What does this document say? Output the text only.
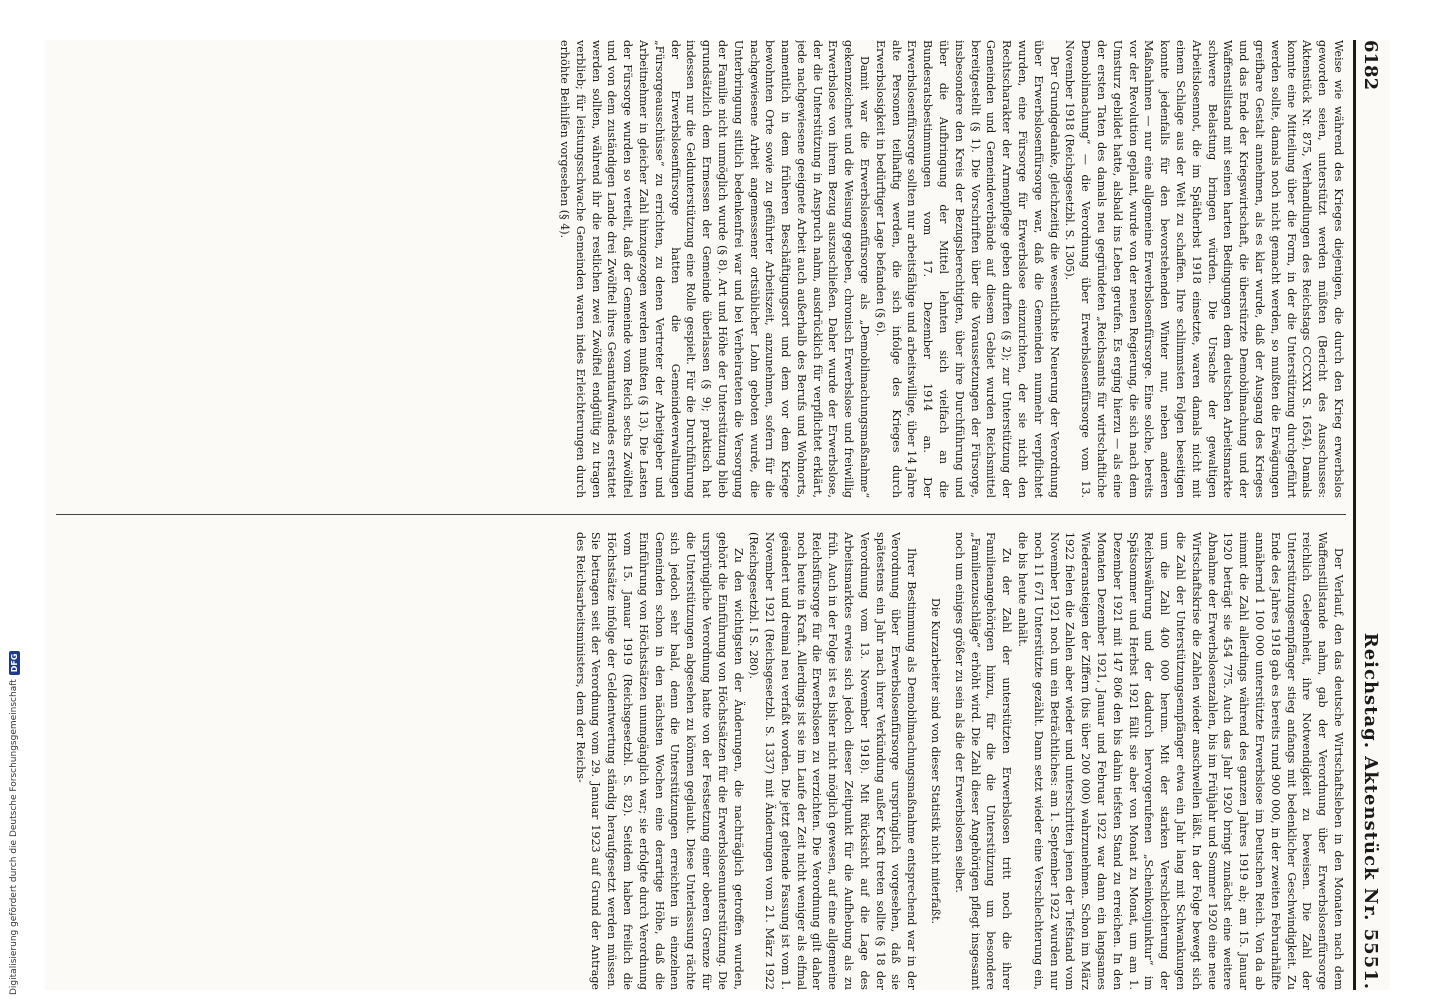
6182
Reichstag. Aktenstück Nr. 5551.

Weise wie während des Krieges diejenigen, die durch den Krieg erwerbslos geworden seien, unterstützt werden müßten (Bericht des Ausschusses: Aktenstück Nr. 875, Verhandlungen des Reichstags CCCXXI S. 1654). Damals konnte eine Mitteilung über die Form, in der die Unterstützung durchgeführt werden sollte, damals noch nicht gemacht werden, so mußten die Erwägungen greifbare Gestalt annehmen, als es klar wurde, daß der Ausgang des Krieges und das Ende der Kriegswirtschaft, die überstürzte Demobilmachung und der Waffenstillstand mit seinen harten Bedingungen dem deutschen Arbeitsmarkte schwere Belastung bringen würden. Die Ursache der gewaltigen Arbeitslosennot, die im Spätherbst 1918 einsetzte, waren damals nicht mit einem Schlage aus der Welt zu schaffen. Ihre schlimmsten Folgen beseitigen konnte jedenfalls für den bevorstehenden Winter nur, neben anderen Maßnahmen — nur eine allgemeine Erwerbslosenfürsorge. Eine solche, bereits vor der Revolution geplant, wurde von der neuen Regierung, die sich nach dem Umsturz gebildet hatte, alsbald ins Leben gerufen. Es erging hierzu — als eine der ersten Taten des damals neu gegründeten „Reichsamts für wirtschaftliche Demobilmachung“ — die Verordnung über Erwerbslosenfürsorge vom 13. November 1918 (Reichsgesetzbl. S. 1305).

Der Grundgedanke, gleichzeitig die wesentlichste Neuerung der Verordnung über Erwerbslosenfürsorge war, daß die Gemeinden nunmehr verpflichtet wurden, eine Fürsorge für Erwerbslose einzurichten, der sie nicht den Rechtscharakter der Armenpflege geben durften (§ 2); zur Unterstützung der Gemeinden und Gemeindeverbände auf diesem Gebiet wurden Reichsmittel bereitgestellt (§ 1). Die Vorschriften über die Voraussetzungen der Fürsorge, insbesondere den Kreis der Bezugsberechtigten, über ihre Durchführung und über die Aufbringung der Mittel lehnten sich vielfach an die Bundesratsbestimmungen vom 17. Dezember 1914 an. Der Erwerbslosenfürsorge sollten nur arbeitsfähige und arbeitswillige, über 14 Jahre alte Personen teilhaftig werden, die sich infolge des Krieges durch Erwerbslosigkeit in bedürftiger Lage befanden (§ 6).

Damit war die Erwerbslosenfürsorge als „Demobilmachungsmaßnahme“ gekennzeichnet und die Weisung gegeben, chronisch Erwerbslose und freiwillig Erwerbslose von ihrem Bezug auszuschließen. Daher wurde der Erwerbslose, der die Unterstützung in Anspruch nahm, ausdrücklich für verpflichtet erklärt, jede nachgewiesene geeignete Arbeit auch außerhalb des Berufs und Wohnorts, namentlich in dem früheren Beschäftigungsort und dem vor dem Kriege bewohnten Orte sowie zu geführter Arbeitszeit, anzunehmen, sofern für die nachgewiesene Arbeit angemessener ortsüblicher Lohn geboten wurde, die Unterbringung sittlich bedenkenfrei war und bei Verheirateten die Versorgung der Familie nicht unmöglich wurde (§ 8). Art und Höhe der Unterstützung blieb grundsätzlich dem Ermessen der Gemeinde überlassen (§ 9); praktisch hat indessen nur die Geldunterstützung eine Rolle gespielt. Für die Durchführung der Erwerbslosenfürsorge hatten die Gemeindeverwaltungen „Fürsorgeausschüsse“ zu errichten, zu denen Vertreter der Arbeitgeber und Arbeitnehmer in gleicher Zahl hinzugezogen werden mußten (§ 13). Die Lasten der Fürsorge wurden so verteilt, daß der Gemeinde vom Reich sechs Zwölftel und von dem zuständigen Lande drei Zwölftel ihres Gesamtaufwandes erstattet werden sollten, während ihr die restlichen zwei Zwölftel endgültig zu tragen verblieb; für leistungsschwache Gemeinden waren indes Erleichterungen durch erhöhte Beihilfen vorgesehen (§ 4).

Der Verlauf, den das deutsche Wirtschaftsleben in den Monaten nach dem Waffenstillstande nahm, gab der Verordnung über Erwerbslosenfürsorge reichlich Gelegenheit, ihre Notwendigkeit zu beweisen. Die Zahl der Unterstützungsempfänger stieg anfangs mit bedenklicher Geschwindigkeit. Zu Ende des Jahres 1918 gab es bereits rund 900 000, in der zweiten Februarhälfte annähernd 1 100 000 unterstützte Erwerbslose im Deutschen Reich. Von da ab nimmt die Zahl allerdings während des ganzen Jahres 1919 ab; am 15. Januar 1920 beträgt sie 454 775. Auch das Jahr 1920 bringt zunächst eine weitere Abnahme der Erwerbslosenzahlen, bis im Frühjahr und Sommer 1920 eine neue Wirtschaftskrise die Zahlen wieder anschwellen läßt. In der Folge bewegt sich die Zahl der Unterstützungsempfänger etwa ein Jahr lang mit Schwankungen um die Zahl 400 000 herum. Mit der starken Verschlechterung der Reichswährung und der dadurch hervorgerufenen „Scheinkonjunktur“ im Spätsommer und Herbst 1921 fällt sie aber von Monat zu Monat, um am 1. Dezember 1921 mit 147 806 den bis dahin tiefsten Stand zu erreichen. In den Monaten Dezember 1921, Januar und Februar 1922 war dann ein langsames Wiederansteigen der Ziffern (bis über 200 000) wahrzunehmen. Schon im März 1922 fielen die Zahlen aber wieder und unterschritten jenen der Tiefstand vom November 1921 noch um ein Beträchtliches: am 1. September 1922 wurden nur noch 11 671 Unterstützte gezählt. Dann setzt wieder eine Verschlechterung ein, die bis heute anhält.

Zu der Zahl der unterstützten Erwerbslosen tritt noch die ihrer Familienangehörigen hinzu, für die die Unterstützung um besondere „Familienzuschläge“ erhöht wird. Die Zahl dieser Angehörigen pflegt insgesamt noch um einiges größer zu sein als die der Erwerbslosen selber.

Die Kurzarbeiter sind von dieser Statistik nicht miterfaßt.

Ihrer Bestimmung als Demobilmachungsmaßnahme entsprechend war in der Verordnung über Erwerbslosenfürsorge ursprünglich vorgesehen, daß sie spätestens ein Jahr nach ihrer Verkündung außer Kraft treten sollte (§ 18 der Verordnung vom 13. November 1918). Mit Rücksicht auf die Lage des Arbeitsmarktes erwies sich jedoch dieser Zeitpunkt für die Aufhebung als zu früh. Auch in der Folge ist es bisher nicht möglich gewesen, auf eine allgemeine Reichsfürsorge für die Erwerbslosen zu verzichten. Die Verordnung gilt daher noch heute in Kraft. Allerdings ist sie im Laufe der Zeit nicht weniger als elfmal geändert und dreimal neu verfaßt worden. Die jetzt geltende Fassung ist vom 1. November 1921 (Reichsgesetzbl. S. 1337) mit Änderungen vom 21. März 1922 (Reichsgesetzbl. I S. 280).

Zu den wichtigsten der Änderungen, die nachträglich getroffen wurden, gehört die Einführung von Höchstsätzen für die Erwerbslosenunterstützung. Die ursprüngliche Verordnung hatte von der Festsetzung einer oberen Grenze für die Unterstützungen abgesehen zu können geglaubt. Diese Unterlassung rächte sich jedoch sehr bald, denn die Unterstützungen erreichten in einzelnen Gemeinden schon in den nächsten Wochen eine derartige Höhe, daß die Einführung von Höchstsätzen unumgänglich war; sie erfolgte durch Verordnung vom 15. Januar 1919 (Reichsgesetzbl. S. 82). Seitdem haben freilich die Höchstsätze infolge der Geldentwertung ständig heraufgesetzt werden müssen. Sie betragen seit der Verordnung vom 29. Januar 1923 auf Grund der Antrage des Reichsarbeitsministers, dem der Reichs-

Digitalisierung gefördert durch die Deutsche Forschungsgemeinschaft
DFG
